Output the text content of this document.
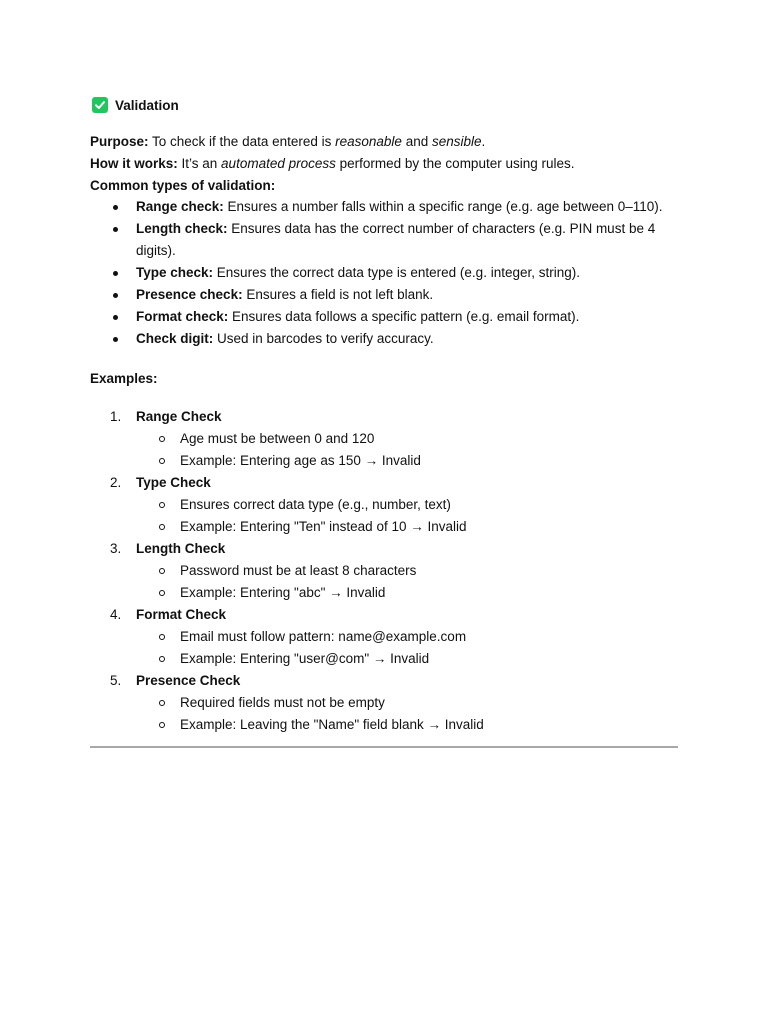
Validation
Purpose: To check if the data entered is reasonable and sensible.
How it works: It’s an automated process performed by the computer using rules.
Common types of validation:
Range check: Ensures a number falls within a specific range (e.g. age between 0–110).
Length check: Ensures data has the correct number of characters (e.g. PIN must be 4 digits).
Type check: Ensures the correct data type is entered (e.g. integer, string).
Presence check: Ensures a field is not left blank.
Format check: Ensures data follows a specific pattern (e.g. email format).
Check digit: Used in barcodes to verify accuracy.
Examples:
1.	Range Check
Age must be between 0 and 120
Example: Entering age as 150 → Invalid
2.	Type Check
Ensures correct data type (e.g., number, text)
Example: Entering "Ten" instead of 10 → Invalid
3.	Length Check
Password must be at least 8 characters
Example: Entering "abc" → Invalid
4.	Format Check
Email must follow pattern: name@example.com
Example: Entering "user@com" → Invalid
5.	Presence Check
Required fields must not be empty
Example: Leaving the "Name" field blank → Invalid
